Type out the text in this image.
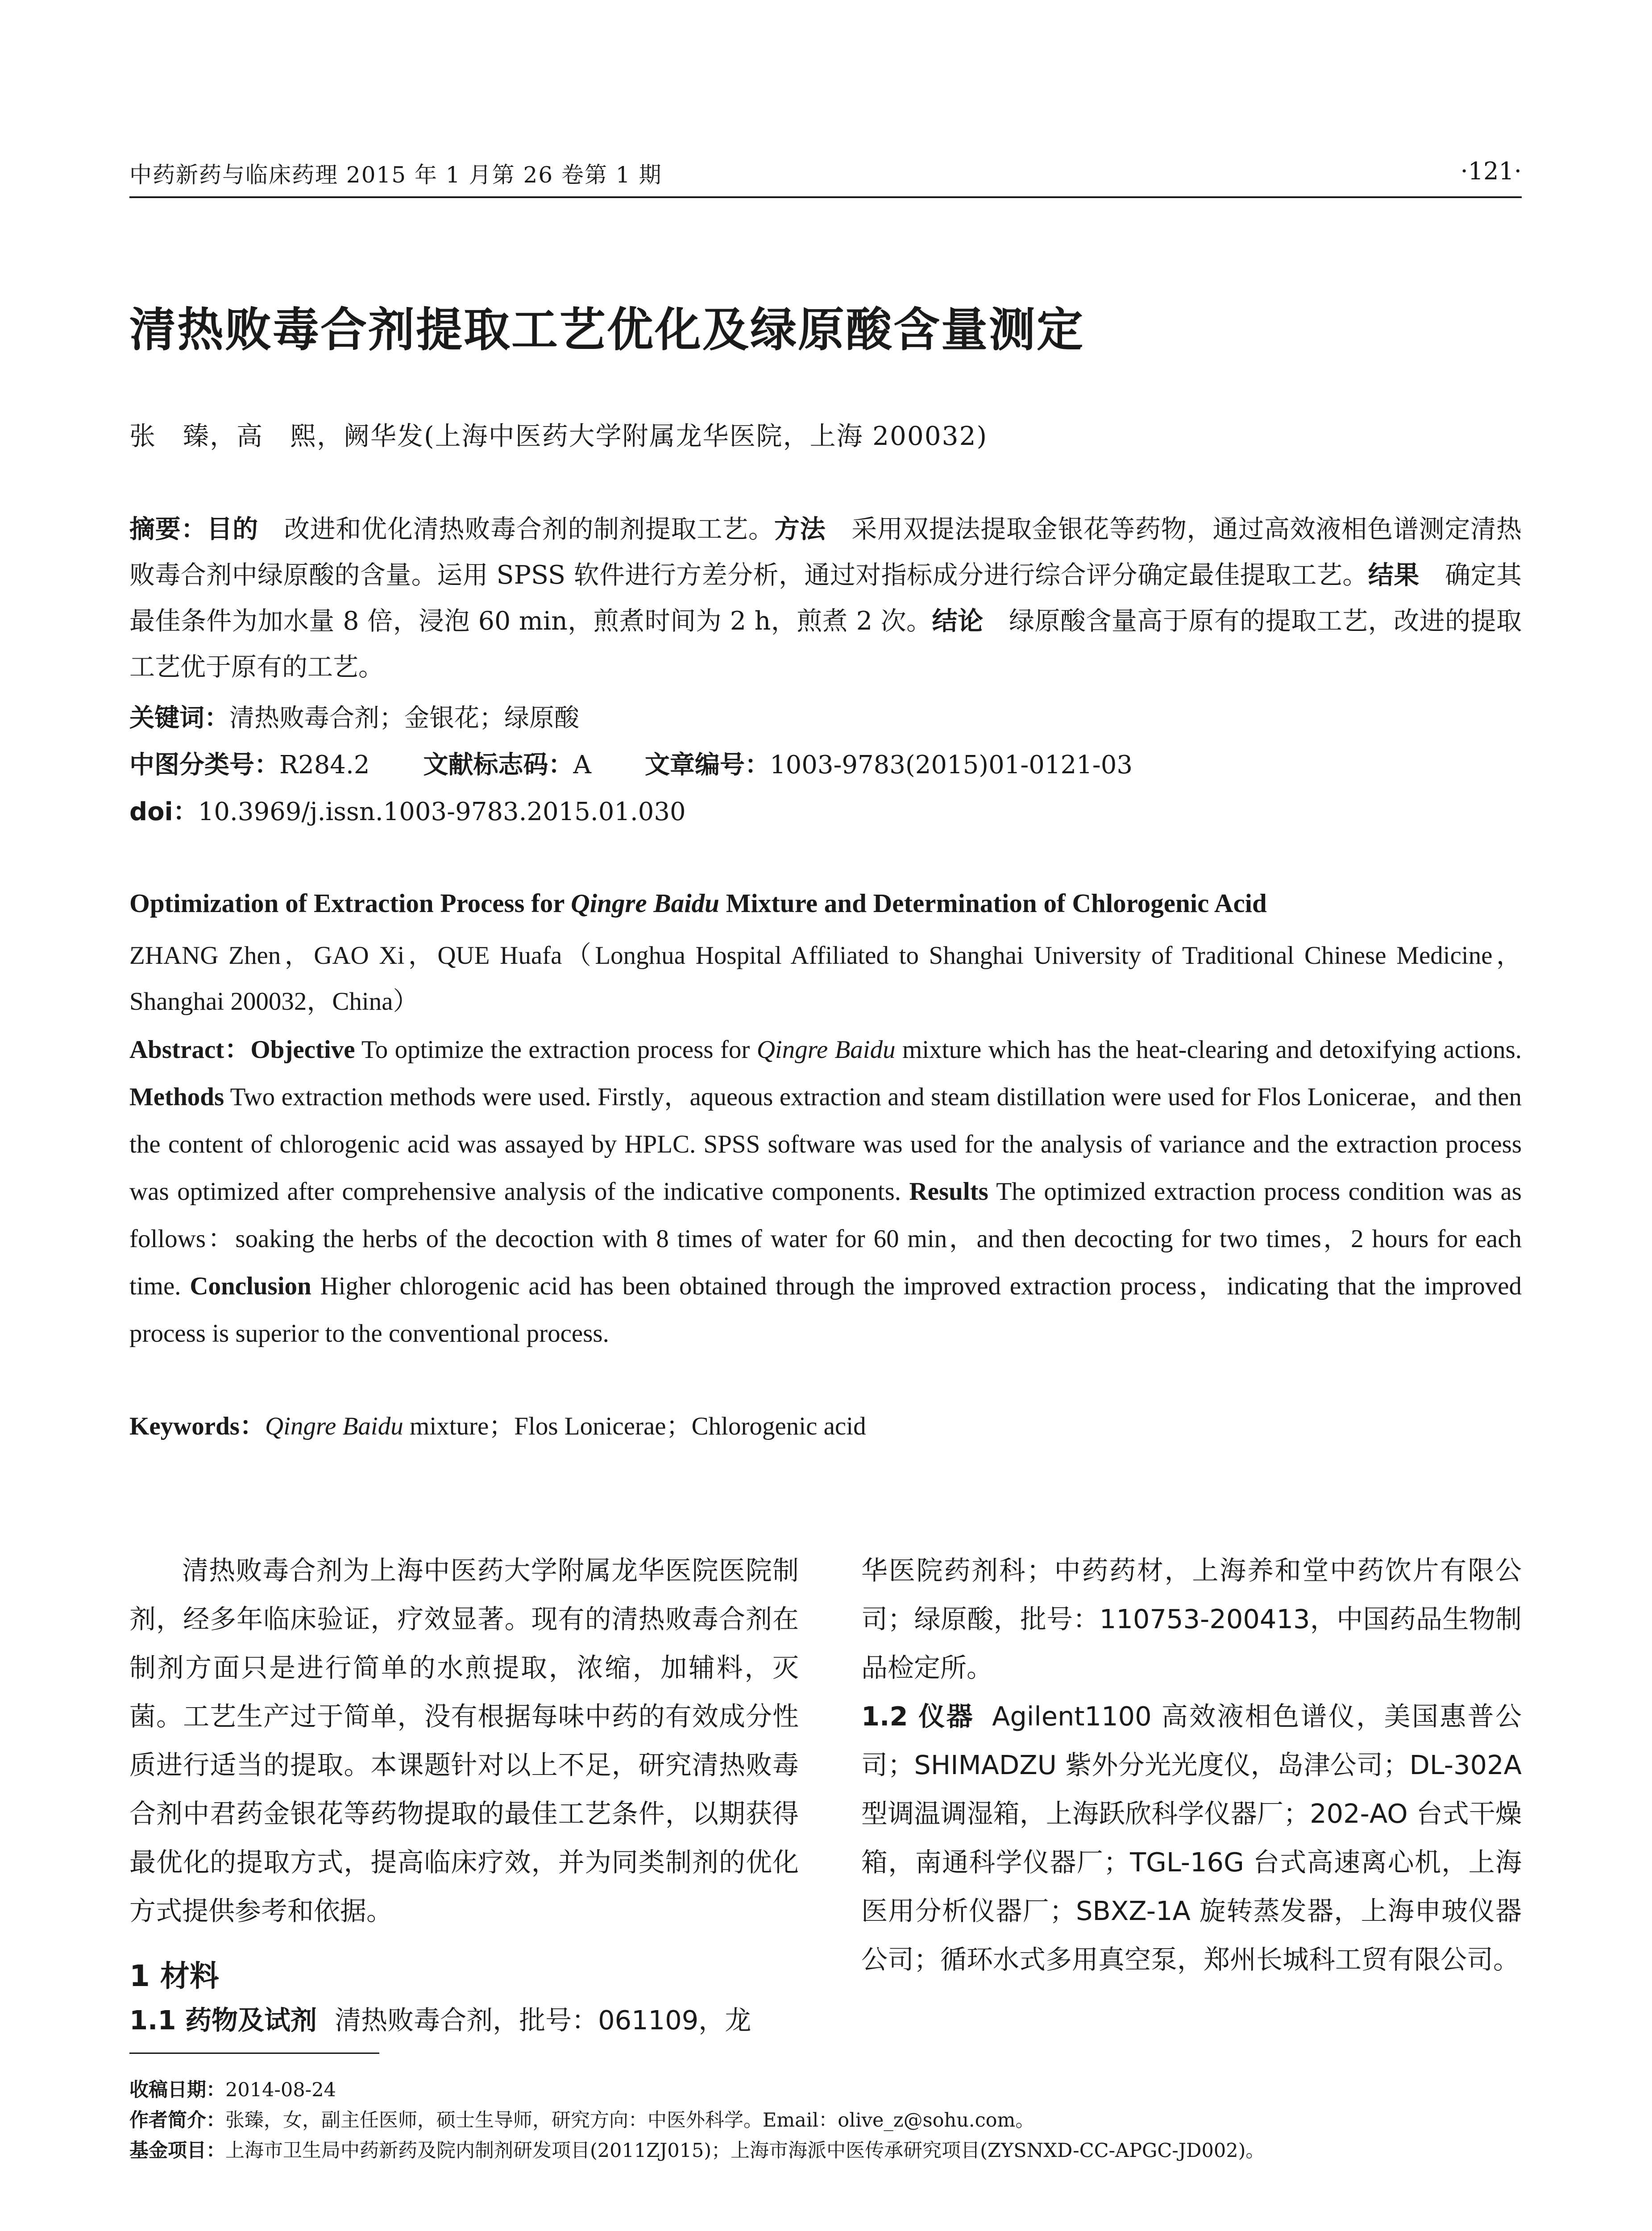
中药新药与临床药理 2015 年 1 月第 26 卷第 1 期	·121·
清热败毒合剂提取工艺优化及绿原酸含量测定
张　臻，高　熙，阙华发(上海中医药大学附属龙华医院，上海 200032)
摘要：目的　 改进和优化清热败毒合剂的制剂提取工艺。方法　 采用双提法提取金银花等药物，通过高效液相色谱测定清热败毒合剂中绿原酸的含量。运用 SPSS 软件进行方差分析，通过对指标成分进行综合评分确定最佳提取工艺。结果　 确定其最佳条件为加水量 8 倍，浸泡 60 min，煎煮时间为 2 h，煎煮 2 次。结论　 绿原酸含量高于原有的提取工艺，改进的提取工艺优于原有的工艺。
关键词：清热败毒合剂；金银花；绿原酸
中图分类号：R284.2 文献标志码：A 文章编号：1003-9783(2015)01-0121-03
doi：10.3969/j.issn.1003-9783.2015.01.030
Optimization of Extraction Process for Qingre Baidu Mixture and Determination of Chlorogenic Acid
ZHANG Zhen，GAO Xi，QUE Huafa（Longhua Hospital Affiliated to Shanghai University of Traditional Chinese Medicine，Shanghai 200032，China）
Abstract：Objective To optimize the extraction process for Qingre Baidu mixture which has the heat-clearing and detoxifying actions. Methods Two extraction methods were used. Firstly，aqueous extraction and steam distillation were used for Flos Lonicerae，and then the content of chlorogenic acid was assayed by HPLC. SPSS software was used for the analysis of variance and the extraction process was optimized after comprehensive analysis of the indicative components. Results The optimized extraction process condition was as follows：soaking the herbs of the decoction with 8 times of water for 60 min，and then decocting for two times，2 hours for each time. Conclusion Higher chlorogenic acid has been obtained through the improved extraction process，indicating that the improved process is superior to the conventional process.
Keywords：Qingre Baidu mixture；Flos Lonicerae；Chlorogenic acid
清热败毒合剂为上海中医药大学附属龙华医院医院制剂，经多年临床验证，疗效显著。现有的清热败毒合剂在制剂方面只是进行简单的水煎提取，浓缩，加辅料，灭菌。工艺生产过于简单，没有根据每味中药的有效成分性质进行适当的提取。本课题针对以上不足，研究清热败毒合剂中君药金银花等药物提取的最佳工艺条件，以期获得最优化的提取方式，提高临床疗效，并为同类制剂的优化方式提供参考和依据。
1 材料
1.1 药物及试剂 清热败毒合剂，批号：061109，龙
华医院药剂科；中药药材，上海养和堂中药饮片有限公司；绿原酸，批号：110753-200413，中国药品生物制品检定所。
1.2 仪器 Agilent1100 高效液相色谱仪，美国惠普公司；SHIMADZU 紫外分光光度仪，岛津公司；DL-302A 型调温调湿箱，上海跃欣科学仪器厂；202-AO 台式干燥箱，南通科学仪器厂；TGL-16G 台式高速离心机，上海医用分析仪器厂；SBXZ-1A 旋转蒸发器，上海申玻仪器公司；循环水式多用真空泵，郑州长城科工贸有限公司。
收稿日期：2014-08-24
作者简介：张臻，女，副主任医师，硕士生导师，研究方向：中医外科学。Email：olive_z@sohu.com。
基金项目：上海市卫生局中药新药及院内制剂研发项目(2011ZJ015)；上海市海派中医传承研究项目(ZYSNXD-CC-APGC-JD002)。
